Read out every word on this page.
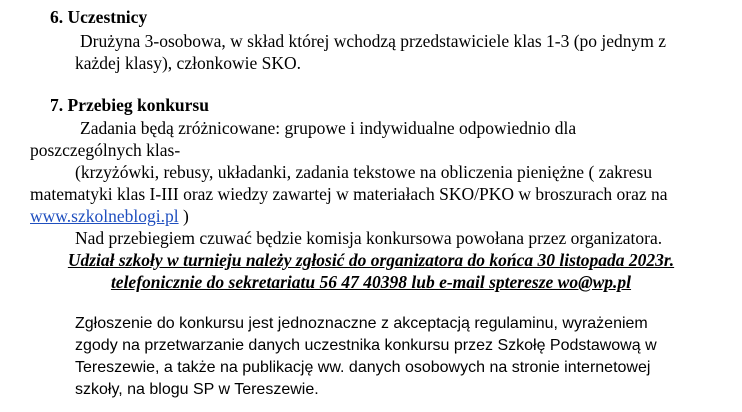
6. Uczestnicy
Drużyna 3-osobowa, w skład której wchodzą przedstawiciele klas 1-3 (po jednym z
każdej klasy), członkowie SKO.
7. Przebieg konkursu
Zadania będą zróżnicowane: grupowe i indywidualne odpowiednio dla
poszczególnych klas-
(krzyżówki, rebusy, układanki, zadania tekstowe na obliczenia pieniężne ( zakresu
matematyki klas I-III oraz wiedzy zawartej w materiałach SKO/PKO w broszurach oraz na
www.szkolneblogi.pl )
Nad przebiegiem czuwać będzie komisja konkursowa powołana przez organizatora.
Udział szkoły w turnieju należy zgłosić do organizatora do końca 30 listopada 2023r.
telefonicznie do sekretariatu 56 47 40398 lub e-mail spteresze wo@wp.pl
Zgłoszenie do konkursu jest jednoznaczne z akceptacją regulaminu, wyrażeniem
zgody na przetwarzanie danych uczestnika konkursu przez Szkołę Podstawową w
Tereszewie, a także na publikację ww. danych osobowych na stronie internetowej
szkoły, na blogu SP w Tereszewie.
